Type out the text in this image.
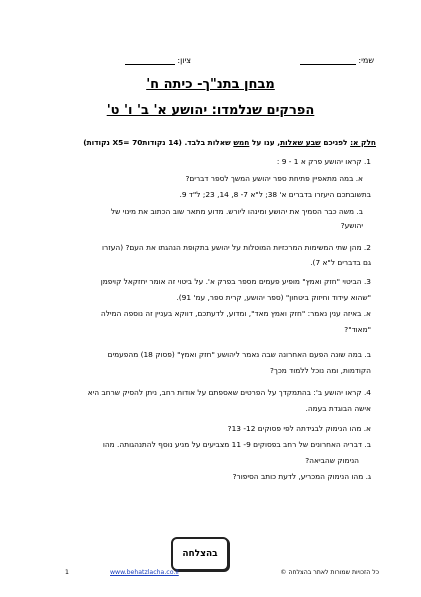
שמי:
ציון:
מבחן בתנ"ך- כיתה ח'
הפרקים שנלמדו: יהושע א' ב' ו' ט'
חלק א: לפניכם שבע שאלות, ענו על חמש שאלות בלבד. (14 נקודותX5= 70 נקודות)
1. קראו יהושע פרק א 1 - 9 :
א. במה מתאפיין פתיחת ספר יהושע המשך לספר דברים?
בתשובתכם היעזרו בדברים א' 38; ל"א 7- 8, 14, 23; ל"ד 9.
ב. משה כבר הסמיך את יהושע ומינהו ליורש. מדוע מתאר שוב הכתוב את מינוי של
יהושע?
2. מהן שתי המשימות המרכזיות המוטלות על יהושע בתקופת הנהגתו את העם? (העזרו
גם בדברים ל"א 7).
3. הביטוי "חזק ואמץ" מופיע פעמים מספר בפרק א'. על ביטוי זה אומר יחזקאל קויפמן
"שהוא עידוד וחיזוק ביטחון" (ספר יהושע, קרית ספר, עמ' 91).
א. באיזה ענין נאמר: "חזק ואמץ מאד", ומדוע, לדעתכם, דווקא בעניין זה נוספה המילה
"מאוד"?
ב. במה שונה הפעם האחרונה שבה נאמר ליהושע "חזק ואמץ" (פסוק 18) מהפעמים
הקודמות, ומה נוכל ללמוד מכך?
4. קראו יהושע ב': בהתמקדך על הפרטים שאספתם על אודות רחב, ניתן להסיק שרחב היא
אישה הבוגדת בעמה.
א. מהו הנימוק לבגידתה לפי פסוקים 12- 13?
ב. דבריה האחרונים של רחב בפסוקים 9- 11 מצביעים על מניע נוסף להתנהגותה. מהו
הנימוק שהביאה?
ג. מהו הנימוק המכריע, לדעת כותב הסיפור?
בהצלחה
1	www.behatzlacha.co.il	כל הזכויות שמורות לאתר בהצלחה ©
